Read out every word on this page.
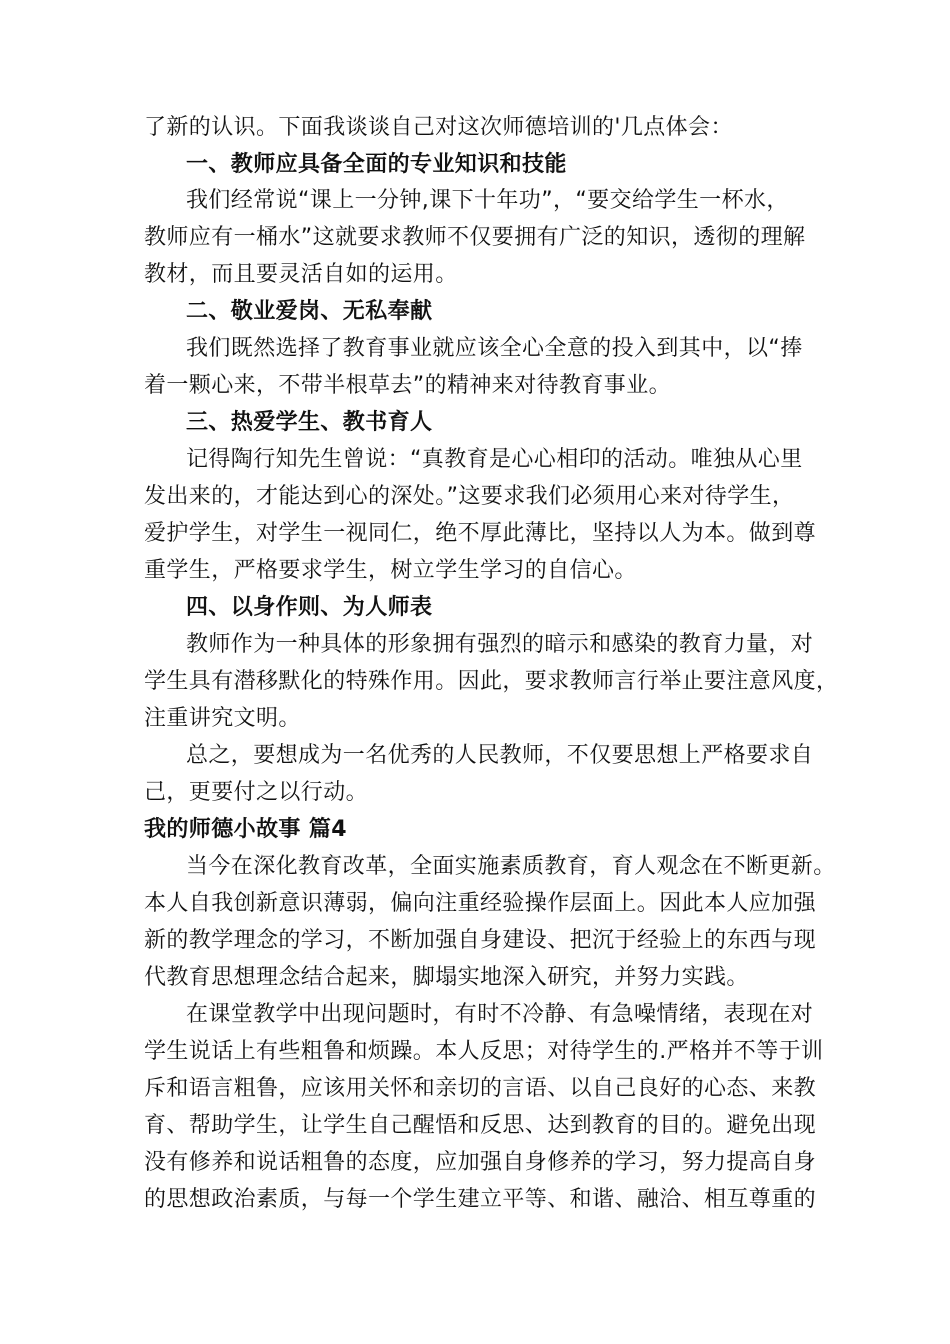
了新的认识。下面我谈谈自己对这次师德培训的'几点体会：
一、教师应具备全面的专业知识和技能
我们经常说“课上一分钟,课下十年功”，“要交给学生一杯水，
教师应有一桶水”这就要求教师不仅要拥有广泛的知识，透彻的理解
教材，而且要灵活自如的运用。
二、敬业爱岗、无私奉献
我们既然选择了教育事业就应该全心全意的投入到其中，以“捧
着一颗心来，不带半根草去”的精神来对待教育事业。
三、热爱学生、教书育人
记得陶行知先生曾说：“真教育是心心相印的活动。唯独从心里
发出来的，才能达到心的深处。”这要求我们必须用心来对待学生，
爱护学生，对学生一视同仁，绝不厚此薄比，坚持以人为本。做到尊
重学生，严格要求学生，树立学生学习的自信心。
四、以身作则、为人师表
教师作为一种具体的形象拥有强烈的暗示和感染的教育力量，对
学生具有潜移默化的特殊作用。因此，要求教师言行举止要注意风度，
注重讲究文明。
总之，要想成为一名优秀的人民教师，不仅要思想上严格要求自
己，更要付之以行动。
我的师德小故事 篇4
当今在深化教育改革，全面实施素质教育，育人观念在不断更新。
本人自我创新意识薄弱，偏向注重经验操作层面上。因此本人应加强
新的教学理念的学习，不断加强自身建设、把沉于经验上的东西与现
代教育思想理念结合起来，脚塌实地深入研究，并努力实践。
在课堂教学中出现问题时，有时不冷静、有急噪情绪，表现在对
学生说话上有些粗鲁和烦躁。本人反思；对待学生的.严格并不等于训
斥和语言粗鲁，应该用关怀和亲切的言语、以自己良好的心态、来教
育、帮助学生，让学生自己醒悟和反思、达到教育的目的。避免出现
没有修养和说话粗鲁的态度，应加强自身修养的学习，努力提高自身
的思想政治素质，与每一个学生建立平等、和谐、融洽、相互尊重的
